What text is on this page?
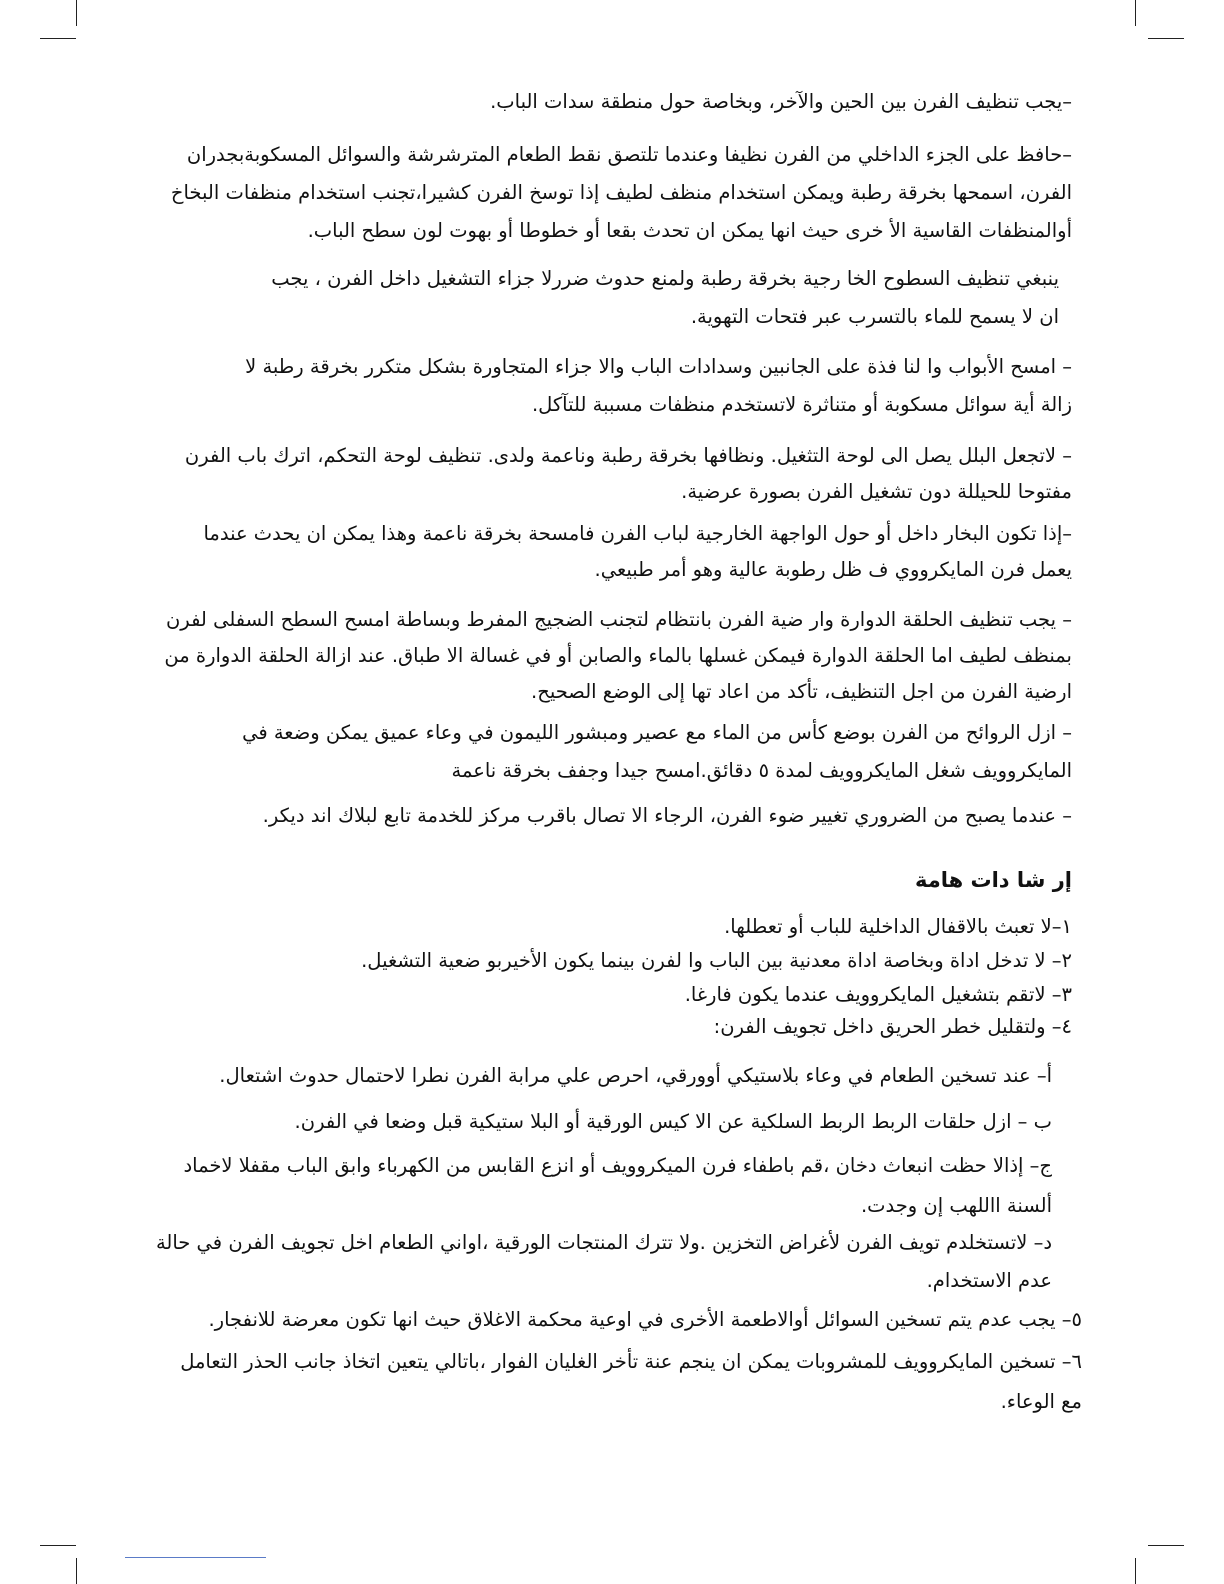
–يجب تنظيف الفرن بين الحين والآخر، وبخاصة حول منطقة سدات الباب.

–حافظ على الجزء الداخلي من الفرن نظيفا وعندما تلتصق نقط الطعام المترشرشة والسوائل المسكوبةبجدران الفرن، اسمحها بخرقة رطبة ويمكن استخدام منظف لطيف إذا توسخ الفرن كشيرا،تجنب استخدام منظفات البخاخ أوالمنظفات القاسية الأ خرى حيث انها يمكن ان تحدث بقعا أو خطوطا أو بهوت لون سطح الباب.

ينبغي تنظيف السطوح الخا رجية بخرقة رطبة ولمنع حدوث ضررلا جزاء التشغيل داخل الفرن ، يجب ان لا يسمح للماء بالتسرب عبر فتحات التهوية.

– امسح الأبواب وا لنا فذة على الجانبين وسدادات الباب والا جزاء المتجاورة بشكل متكرر بخرقة رطبة لا زالة أية سوائل مسكوبة أو متناثرة لاتستخدم منظفات مسببة للتآكل.

– لاتجعل البلل يصل الى لوحة التثغيل. ونظافها بخرقة رطبة وناعمة ولدى. تنظيف لوحة التحكم، اترك باب الفرن مفتوحا للحيللة دون تشغيل الفرن بصورة عرضية.

–إذا تكون البخار داخل أو حول الواجهة الخارجية لباب الفرن فامسحة بخرقة ناعمة وهذا يمكن ان يحدث عندما يعمل فرن المايكرووي ف ظل رطوبة عالية وهو أمر طبيعي.

– يجب تنظيف الحلقة الدوارة وار ضية الفرن بانتظام لتجنب الضجيج المفرط وبساطة امسح السطح السفلى لفرن بمنظف لطيف اما الحلقة الدوارة فيمكن غسلها بالماء والصابن أو في غسالة الا طباق. عند ازالة الحلقة الدوارة من ارضية الفرن من اجل التنظيف، تأكد من اعاد تها إلى الوضع الصحيح.

– ازل الروائح من الفرن بوضع كأس من الماء مع عصير ومبشور الليمون في وعاء عميق يمكن وضعة في المايكروويف شغل المايكروويف لمدة ٥ دقائق.امسح جيدا وجفف بخرقة ناعمة

– عندما يصبح من الضروري تغيير ضوء الفرن، الرجاء الا تصال باقرب مركز للخدمة تابع لبلاك اند ديكر.

إر شا دات هامة

١–لا تعبث بالاقفال الداخلية للباب أو تعطلها.

٢– لا تدخل اداة وبخاصة اداة معدنية بين الباب وا لفرن بينما يكون الأخيربو ضعية التشغيل.

٣– لاتقم بتشغيل المايكروويف عندما يكون فارغا.

٤– ولتقليل خطر الحريق داخل تجويف الفرن:

أ– عند تسخين الطعام في وعاء بلاستيكي أوورقي، احرص علي مرابة الفرن نطرا لاحتمال حدوث اشتعال.

ب – ازل حلقات الربط الربط السلكية عن الا كيس الورقية أو البلا ستيكية قبل وضعا في الفرن.

ج– إذالا حظت انبعاث دخان ،قم باطفاء فرن الميكروويف أو انزع القابس من الكهرباء وابق الباب مقفلا لاخماد ألسنة االلهب إن وجدت.

د– لاتستخلدم تويف الفرن لأغراض التخزين .ولا تترك المنتجات الورقية ،اواني الطعام اخل تجويف الفرن في حالة عدم الاستخدام.

٥– يجب عدم يتم تسخين السوائل أوالاطعمة الأخرى في اوعية محكمة الاغلاق حيث انها تكون معرضة للانفجار.

٦– تسخين المايكروويف للمشروبات يمكن ان ينجم عنة تأخر الغليان الفوار ،باتالي يتعين اتخاذ جانب الحذر التعامل مع الوعاء.
